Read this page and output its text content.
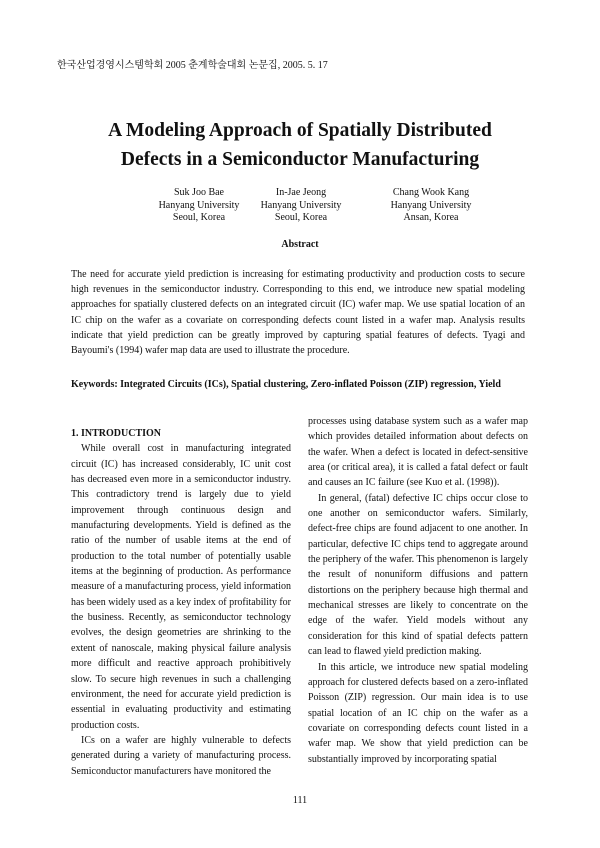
한국산업경영시스템학회 2005 춘계학술대회 논문집, 2005. 5. 17
A Modeling Approach of Spatially Distributed
Defects in a Semiconductor Manufacturing
Suk Joo Bae
Hanyang University
Seoul, Korea
In-Jae Jeong
Hanyang University
Seoul, Korea
Chang Wook Kang
Hanyang University
Ansan, Korea
Abstract

The need for accurate yield prediction is increasing for estimating productivity and production costs to secure high revenues in the semiconductor industry. Corresponding to this end, we introduce new spatial modeling approaches for spatially clustered defects on an integrated circuit (IC) wafer map. We use spatial location of an IC chip on the wafer as a covariate on corresponding defects count listed in a wafer map. Analysis results indicate that yield prediction can be greatly improved by capturing spatial features of defects. Tyagi and Bayoumi's (1994) wafer map data are used to illustrate the procedure.

Keywords: Integrated Circuits (ICs), Spatial clustering, Zero-inflated Poisson (ZIP) regression, Yield

1. INTRODUCTION

While overall cost in manufacturing integrated circuit (IC) has increased considerably, IC unit cost has decreased even more in a semiconductor industry. This contradictory trend is largely due to yield improvement through continuous design and manufacturing developments. Yield is defined as the ratio of the number of usable items at the end of production to the total number of potentially usable items at the beginning of production. As performance measure of a manufacturing process, yield information has been widely used as a key index of profitability for the business. Recently, as semiconductor technology evolves, the design geometries are shrinking to the extent of nanoscale, making physical failure analysis more difficult and reactive approach prohibitively slow. To secure high revenues in such a challenging environment, the need for accurate yield prediction is essential in evaluating productivity and estimating production costs.

ICs on a wafer are highly vulnerable to defects generated during a variety of manufacturing process. Semiconductor manufacturers have monitored the

processes using database system such as a wafer map which provides detailed information about defects on the wafer. When a defect is located in defect-sensitive area (or critical area), it is called a fatal defect or fault and causes an IC failure (see Kuo et al. (1998)).

In general, (fatal) defective IC chips occur close to one another on semiconductor wafers. Similarly, defect-free chips are found adjacent to one another. In particular, defective IC chips tend to aggregate around the periphery of the wafer. This phenomenon is largely the result of nonuniform diffusions and pattern distortions on the periphery because high thermal and mechanical stresses are likely to concentrate on the edge of the wafer. Yield models without any consideration for this kind of spatial defects pattern can lead to flawed yield prediction making.

In this article, we introduce new spatial modeling approach for clustered defects based on a zero-inflated Poisson (ZIP) regression. Our main idea is to use spatial location of an IC chip on the wafer as a covariate on corresponding defects count listed in a wafer map. We show that yield prediction can be substantially improved by incorporating spatial

111
